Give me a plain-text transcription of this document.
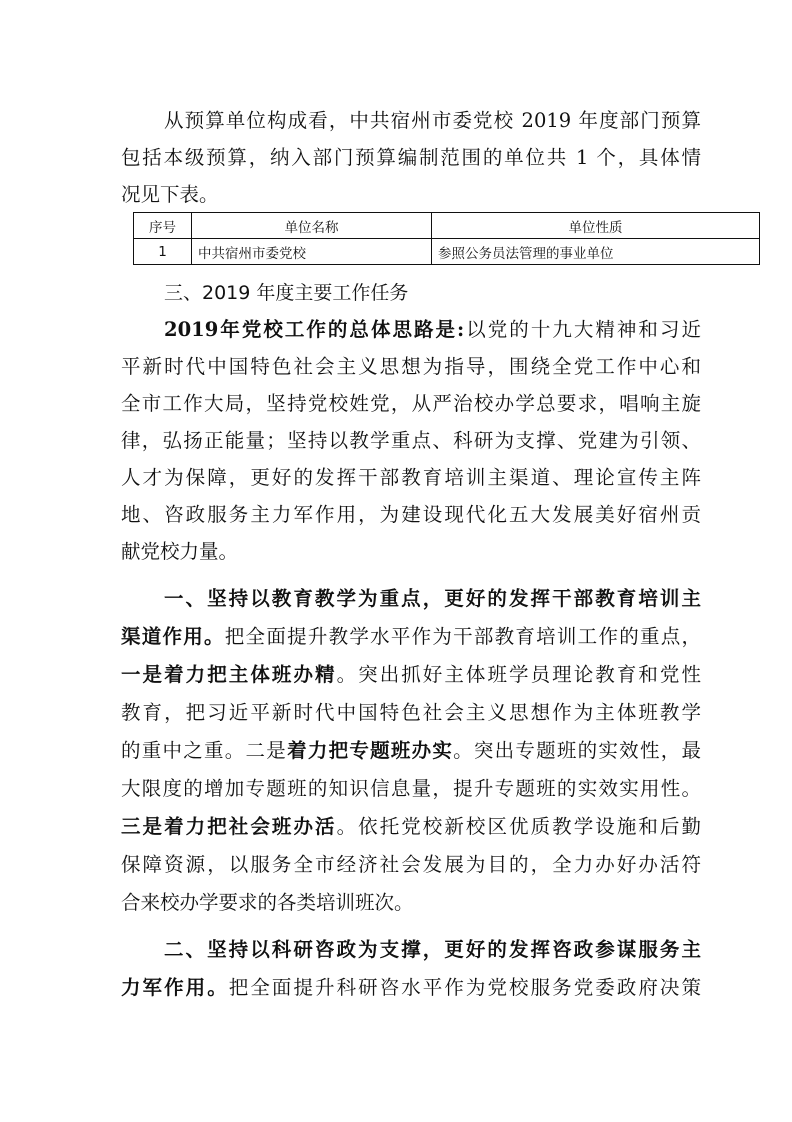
从预算单位构成看，中共宿州市委党校 2019 年度部门预算
包括本级预算，纳入部门预算编制范围的单位共 1 个，具体情
况见下表。
序号	单位名称	单位性质
1	中共宿州市委党校	参照公务员法管理的事业单位
三、2019 年度主要工作任务
2019年党校工作的总体思路是:以党的十九大精神和习近
平新时代中国特色社会主义思想为指导，围绕全党工作中心和
全市工作大局，坚持党校姓党，从严治校办学总要求，唱响主旋
律，弘扬正能量；坚持以教学重点、科研为支撑、党建为引领、
人才为保障，更好的发挥干部教育培训主渠道、理论宣传主阵
地、咨政服务主力军作用，为建设现代化五大发展美好宿州贡
献党校力量。
一、坚持以教育教学为重点，更好的发挥干部教育培训主
渠道作用。把全面提升教学水平作为干部教育培训工作的重点，
一是着力把主体班办精。突出抓好主体班学员理论教育和党性
教育，把习近平新时代中国特色社会主义思想作为主体班教学
的重中之重。二是着力把专题班办实。突出专题班的实效性，最
大限度的增加专题班的知识信息量，提升专题班的实效实用性。
三是着力把社会班办活。依托党校新校区优质教学设施和后勤
保障资源，以服务全市经济社会发展为目的，全力办好办活符
合来校办学要求的各类培训班次。
二、坚持以科研咨政为支撑，更好的发挥咨政参谋服务主
力军作用。把全面提升科研咨水平作为党校服务党委政府决策
